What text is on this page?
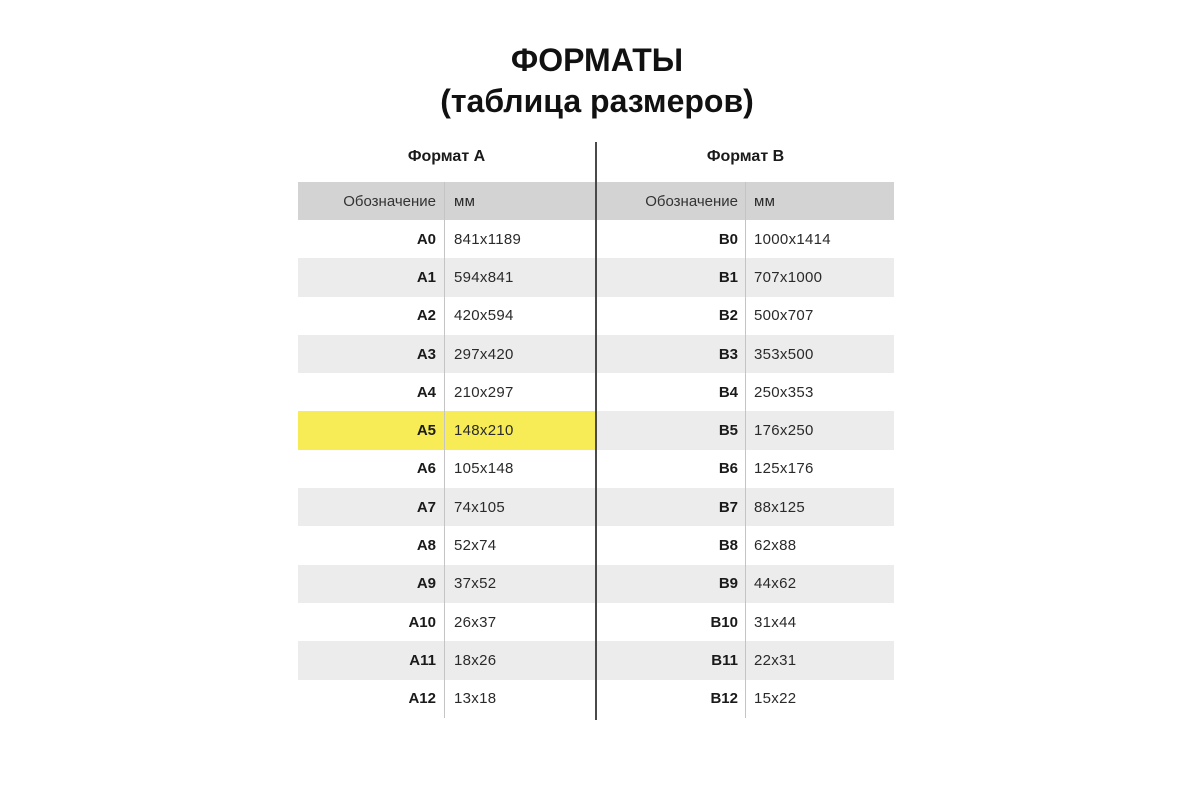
ФОРМАТЫ
(таблица размеров)
Формат А
Обозначение	мм
A0	841x1189
A1	594x841
A2	420x594
A3	297x420
A4	210x297
A5	148x210
A6	105x148
A7	74x105
A8	52x74
A9	37x52
A10	26x37
A11	18x26
A12	13x18
Формат В
Обозначение	мм
B0	1000x1414
B1	707x1000
B2	500x707
B3	353x500
B4	250x353
B5	176x250
B6	125x176
B7	88x125
B8	62x88
B9	44x62
B10	31x44
B11	22x31
B12	15x22
